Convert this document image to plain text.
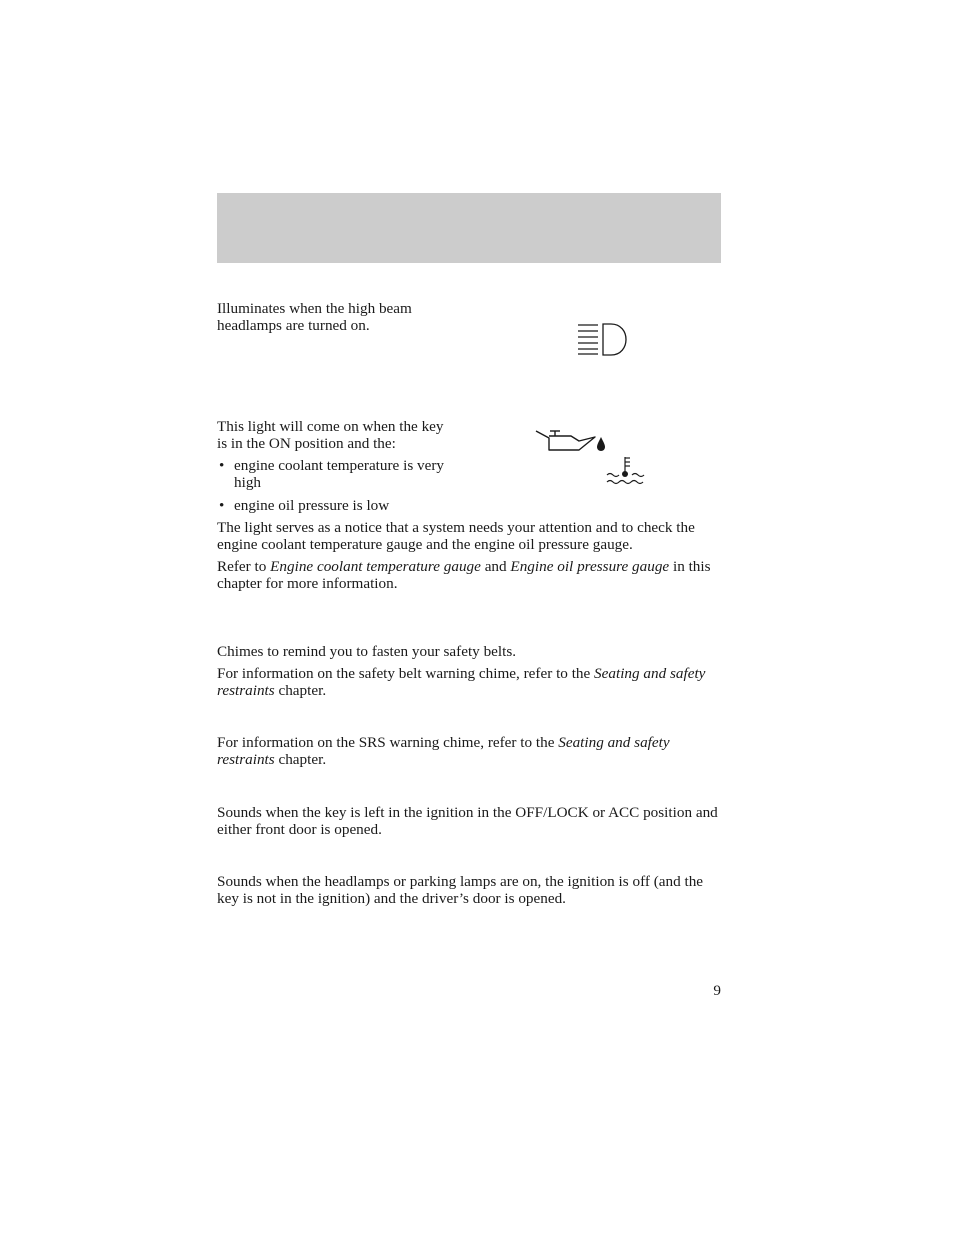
Illuminates when the high beam headlamps are turned on.

This light will come on when the key is in the ON position and the:

• engine coolant temperature is very high
• engine oil pressure is low

The light serves as a notice that a system needs your attention and to check the engine coolant temperature gauge and the engine oil pressure gauge.

Refer to Engine coolant temperature gauge and Engine oil pressure gauge in this chapter for more information.

Chimes to remind you to fasten your safety belts.

For information on the safety belt warning chime, refer to the Seating and safety restraints chapter.

For information on the SRS warning chime, refer to the Seating and safety restraints chapter.

Sounds when the key is left in the ignition in the OFF/LOCK or ACC position and either front door is opened.

Sounds when the headlamps or parking lamps are on, the ignition is off (and the key is not in the ignition) and the driver’s door is opened.

9
